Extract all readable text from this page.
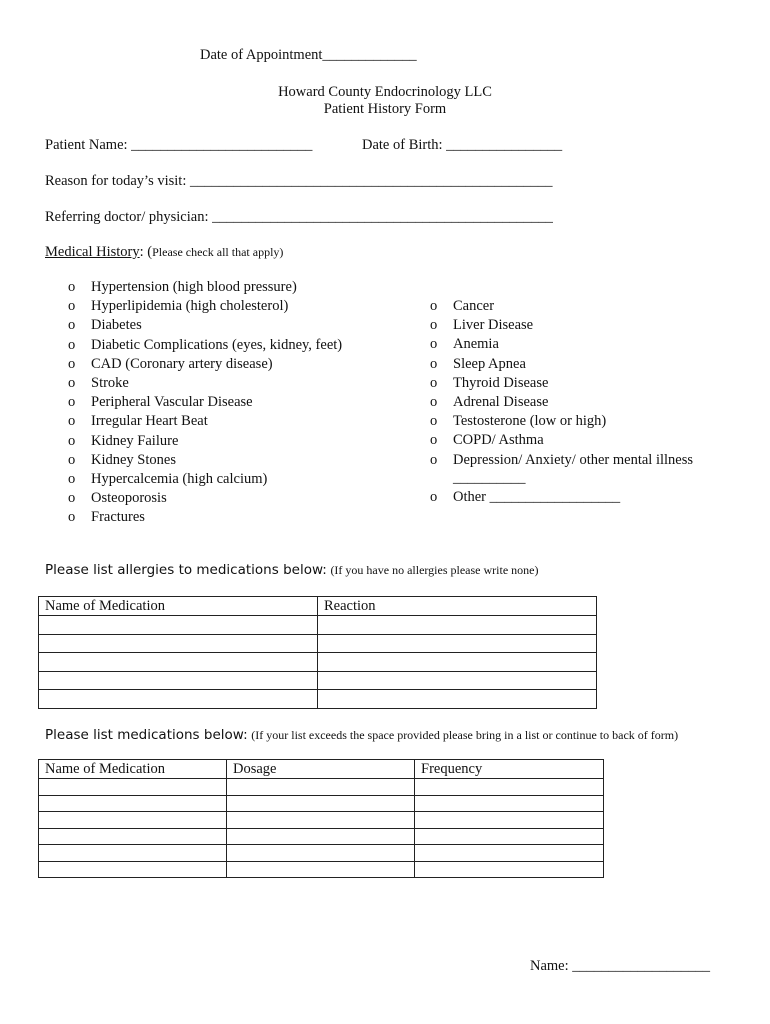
Date of Appointment_____________
Howard County Endocrinology LLC
Patient History Form
Patient Name: _________________________	Date of Birth: ________________
Reason for today’s visit: __________________________________________________
Referring doctor/ physician: _______________________________________________
Medical History: (Please check all that apply)
o Hypertension (high blood pressure)
o Hyperlipidemia (high cholesterol)
o Diabetes
o Diabetic Complications (eyes, kidney, feet)
o CAD (Coronary artery disease)
o Stroke
o Peripheral Vascular Disease
o Irregular Heart Beat
o Kidney Failure
o Kidney Stones
o Hypercalcemia (high calcium)
o Osteoporosis
o Fractures
o Cancer
o Liver Disease
o Anemia
o Sleep Apnea
o Thyroid Disease
o Adrenal Disease
o Testosterone (low or high)
o COPD/ Asthma
o Depression/ Anxiety/ other mental illness
__________
o Other __________________
Please list allergies to medications below: (If you have no allergies please write none)
Name of Medication	Reaction

Please list medications below: (If your list exceeds the space provided please bring in a list or continue to back of form)
Name of Medication	Dosage	Frequency

Name: ___________________
